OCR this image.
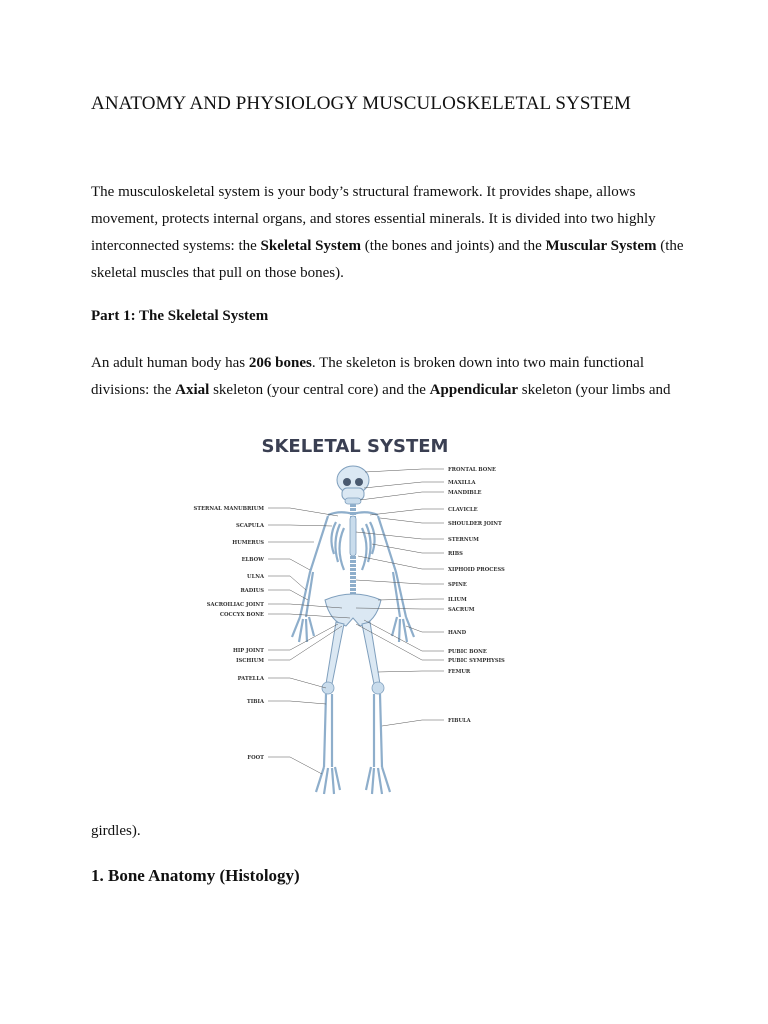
ANATOMY AND PHYSIOLOGY MUSCULOSKELETAL SYSTEM

The musculoskeletal system is your body’s structural framework. It provides shape, allows movement, protects internal organs, and stores essential minerals. It is divided into two highly interconnected systems: the Skeletal System (the bones and joints) and the Muscular System (the skeletal muscles that pull on those bones).

Part 1: The Skeletal System

An adult human body has 206 bones. The skeleton is broken down into two main functional divisions: the Axial skeleton (your central core) and the Appendicular skeleton (your limbs and

SKELETAL SYSTEM
STERNAL MANUBRIUM
SCAPULA
HUMERUS
ELBOW
ULNA
RADIUS
SACROILIAC JOINT
COCCYX BONE
HIP JOINT
ISCHIUM
PATELLA
TIBIA
FOOT
FRONTAL BONE
MAXILLA
MANDIBLE
CLAVICLE
SHOULDER JOINT
STERNUM
RIBS
XIPHOID PROCESS
SPINE
ILIUM
SACRUM
HAND
PUBIC BONE
PUBIC SYMPHYSIS
FEMUR
FIBULA

girdles).

1. Bone Anatomy (Histology)
